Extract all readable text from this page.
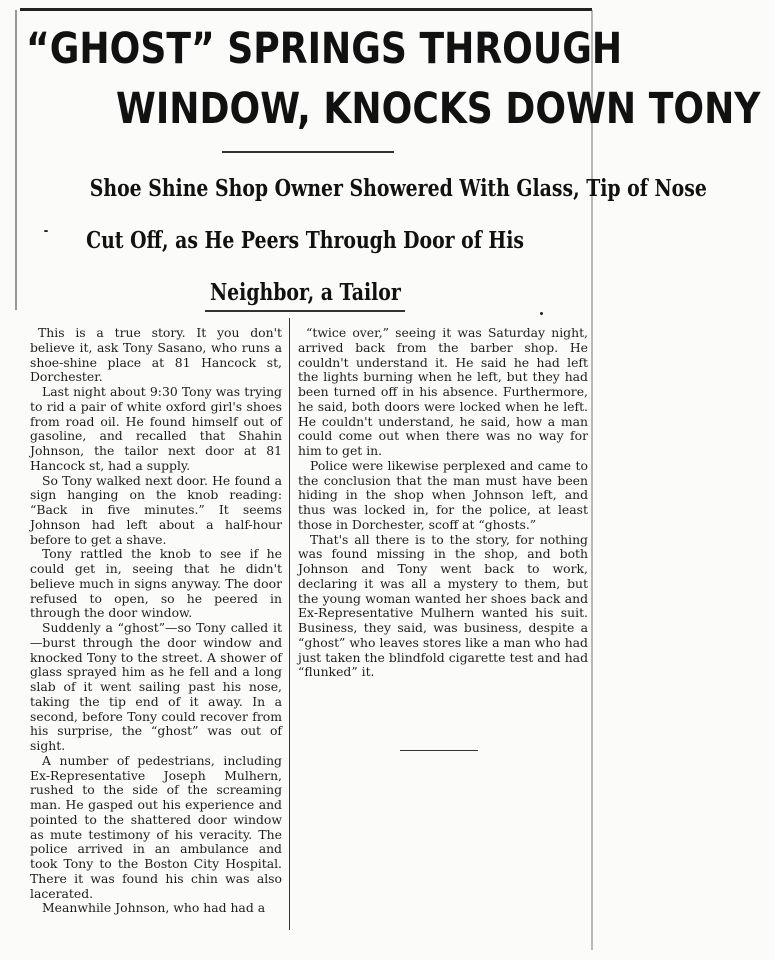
“GHOST” SPRINGS THROUGH
WINDOW, KNOCKS DOWN TONY
Shoe Shine Shop Owner Showered With Glass, Tip of Nose
Cut Off, as He Peers Through Door of His
Neighbor, a Tailor

This is a true story. It you don't believe it, ask Tony Sasano, who runs a shoe-shine place at 81 Hancock st, Dorchester.

Last night about 9:30 Tony was trying to rid a pair of white oxford girl's shoes from road oil. He found himself out of gasoline, and recalled that Shahin Johnson, the tailor next door at 81 Hancock st, had a supply.

So Tony walked next door. He found a sign hanging on the knob reading: “Back in five minutes.” It seems Johnson had left about a half-hour before to get a shave.

Tony rattled the knob to see if he could get in, seeing that he didn't believe much in signs anyway. The door refused to open, so he peered in through the door window.

Suddenly a “ghost”—so Tony called it—burst through the door window and knocked Tony to the street. A shower of glass sprayed him as he fell and a long slab of it went sailing past his nose, taking the tip end of it away. In a second, before Tony could recover from his surprise, the “ghost” was out of sight.

A number of pedestrians, including Ex-Representative Joseph Mulhern, rushed to the side of the screaming man. He gasped out his experience and pointed to the shattered door window as mute testimony of his veracity. The police arrived in an ambulance and took Tony to the Boston City Hospital. There it was found his chin was also lacerated.

Meanwhile Johnson, who had had a

“twice over,” seeing it was Saturday night, arrived back from the barber shop. He couldn't understand it. He said he had left the lights burning when he left, but they had been turned off in his absence. Furthermore, he said, both doors were locked when he left. He couldn't understand, he said, how a man could come out when there was no way for him to get in.

Police were likewise perplexed and came to the conclusion that the man must have been hiding in the shop when Johnson left, and thus was locked in, for the police, at least those in Dorchester, scoff at “ghosts.”

That's all there is to the story, for nothing was found missing in the shop, and both Johnson and Tony went back to work, declaring it was all a mystery to them, but the young woman wanted her shoes back and Ex-Representative Mulhern wanted his suit. Business, they said, was business, despite a “ghost” who leaves stores like a man who had just taken the blindfold cigarette test and had “flunked” it.
